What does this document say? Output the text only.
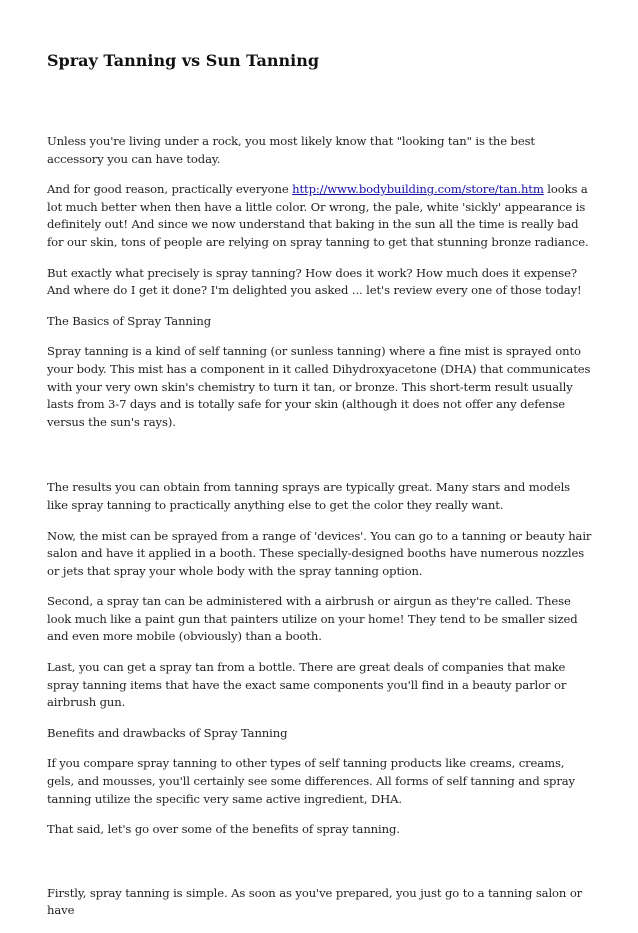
Spray Tanning vs Sun Tanning

Unless you're living under a rock, you most likely know that "looking tan" is the best accessory you can have today.

And for good reason, practically everyone http://www.bodybuilding.com/store/tan.htm looks a lot much better when then have a little color. Or wrong, the pale, white 'sickly' appearance is definitely out! And since we now understand that baking in the sun all the time is really bad for our skin, tons of people are relying on spray tanning to get that stunning bronze radiance.

But exactly what precisely is spray tanning? How does it work? How much does it expense? And where do I get it done? I'm delighted you asked ... let's review every one of those today!

The Basics of Spray Tanning

Spray tanning is a kind of self tanning (or sunless tanning) where a fine mist is sprayed onto your body. This mist has a component in it called Dihydroxyacetone (DHA) that communicates with your very own skin's chemistry to turn it tan, or bronze. This short-term result usually lasts from 3-7 days and is totally safe for your skin (although it does not offer any defense versus the sun's rays).

The results you can obtain from tanning sprays are typically great. Many stars and models like spray tanning to practically anything else to get the color they really want.

Now, the mist can be sprayed from a range of 'devices'. You can go to a tanning or beauty hair salon and have it applied in a booth. These specially-designed booths have numerous nozzles or jets that spray your whole body with the spray tanning option.

Second, a spray tan can be administered with a airbrush or airgun as they're called. These look much like a paint gun that painters utilize on your home! They tend to be smaller sized and even more mobile (obviously) than a booth.

Last, you can get a spray tan from a bottle. There are great deals of companies that make spray tanning items that have the exact same components you'll find in a beauty parlor or airbrush gun.

Benefits and drawbacks of Spray Tanning

If you compare spray tanning to other types of self tanning products like creams, creams, gels, and mousses, you'll certainly see some differences. All forms of self tanning and spray tanning utilize the specific very same active ingredient, DHA.

That said, let's go over some of the benefits of spray tanning.

Firstly, spray tanning is simple. As soon as you've prepared, you just go to a tanning salon or have
